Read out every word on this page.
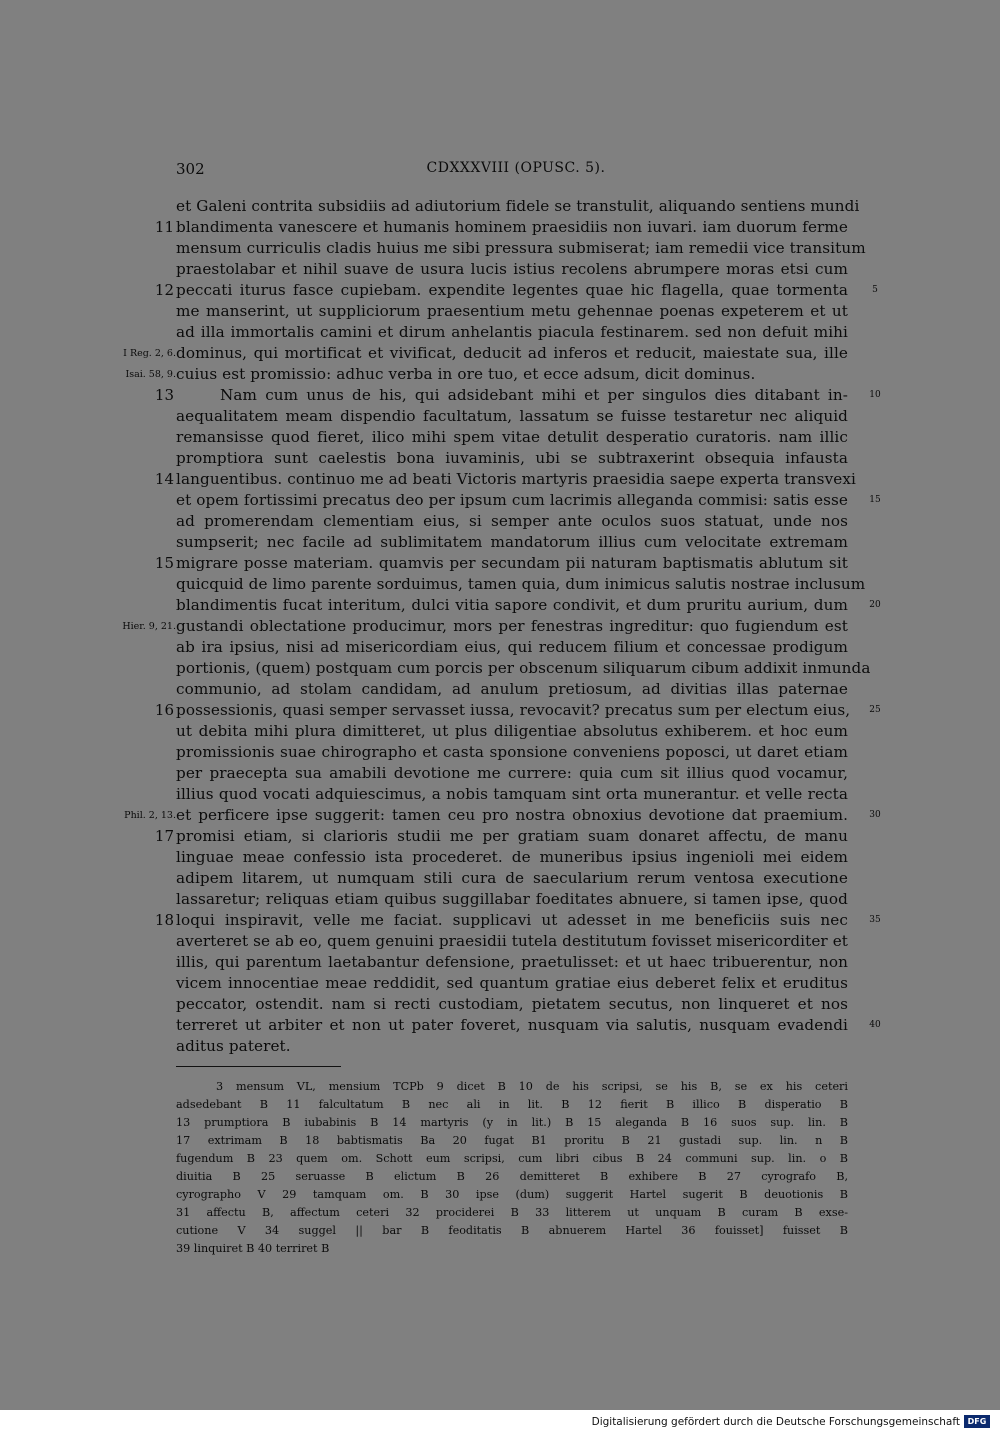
302	CDXXXVIII (OPUSC. 5).
et Galeni contrita subsidiis ad adiutorium fidele se transtulit, aliquando sentiens mundi
blandimenta vanescere et humanis hominem praesidiis non iuvari. iam duorum ferme
11
mensum curriculis cladis huius me sibi pressura submiserat; iam remedii vice transitum
praestolabar et nihil suave de usura lucis istius recolens abrumpere moras etsi cum
peccati iturus fasce cupiebam. expendite legentes quae hic flagella, quae tormenta
12	5
me manserint, ut suppliciorum praesentium metu gehennae poenas expeterem et ut
ad illa immortalis camini et dirum anhelantis piacula festinarem. sed non defuit mihi
dominus, qui mortificat et vivificat, deducit ad inferos et reducit, maiestate sua, ille
I Reg. 2, 6.
cuius est promissio: adhuc verba in ore tuo, et ecce adsum, dicit dominus.
Isai. 58, 9.
Nam cum unus de his, qui adsidebant mihi et per singulos dies ditabant in-
13	10
aequalitatem meam dispendio facultatum, lassatum se fuisse testaretur nec aliquid
remansisse quod fieret, ilico mihi spem vitae detulit desperatio curatoris. nam illic
promptiora sunt caelestis bona iuvaminis, ubi se subtraxerint obsequia infausta
languentibus. continuo me ad beati Victoris martyris praesidia saepe experta transvexi
14
et opem fortissimi precatus deo per ipsum cum lacrimis alleganda commisi: satis esse	15
ad promerendam clementiam eius, si semper ante oculos suos statuat, unde nos
sumpserit; nec facile ad sublimitatem mandatorum illius cum velocitate extremam
migrare posse materiam. quamvis per secundam pii naturam baptismatis ablutum sit
15
quicquid de limo parente sorduimus, tamen quia, dum inimicus salutis nostrae inclusum
blandimentis fucat interitum, dulci vitia sapore condivit, et dum pruritu aurium, dum	20
gustandi oblectatione producimur, mors per fenestras ingreditur: quo fugiendum est
Hier. 9, 21.
ab ira ipsius, nisi ad misericordiam eius, qui reducem filium et concessae prodigum
portionis, (quem) postquam cum porcis per obscenum siliquarum cibum addixit inmunda
communio, ad stolam candidam, ad anulum pretiosum, ad divitias illas paternae
possessionis, quasi semper servasset iussa, revocavit? precatus sum per electum eius,
16	25
ut debita mihi plura dimitteret, ut plus diligentiae absolutus exhiberem. et hoc eum
promissionis suae chirographo et casta sponsione conveniens poposci, ut daret etiam
per praecepta sua amabili devotione me currere: quia cum sit illius quod vocamur,
illius quod vocati adquiescimus, a nobis tamquam sint orta munerantur. et velle recta
et perficere ipse suggerit: tamen ceu pro nostra obnoxius devotione dat praemium.
Phil. 2, 13.	30
promisi etiam, si clarioris studii me per gratiam suam donaret affectu, de manu
17
linguae meae confessio ista procederet. de muneribus ipsius ingenioli mei eidem
adipem litarem, ut numquam stili cura de saecularium rerum ventosa executione
lassaretur; reliquas etiam quibus suggillabar foeditates abnuere, si tamen ipse, quod
loqui inspiravit, velle me faciat. supplicavi ut adesset in me beneficiis suis nec
18	35
averteret se ab eo, quem genuini praesidii tutela destitutum fovisset misericorditer et
illis, qui parentum laetabantur defensione, praetulisset: et ut haec tribuerentur, non
vicem innocentiae meae reddidit, sed quantum gratiae eius deberet felix et eruditus
peccator, ostendit. nam si recti custodiam, pietatem secutus, non linqueret et nos
terreret ut arbiter et non ut pater foveret, nusquam via salutis, nusquam evadendi	40
aditus pateret.
3 mensum VL, mensium TCPb 9 dicet B 10 de his scripsi, se his B, se ex his ceteri
adsedebant B 11 falcultatum B nec ali in lit. B 12 fierit B illico B disperatio B
13 prumptiora B iubabinis B 14 martyris (y in lit.) B 15 aleganda B 16 suos sup. lin. B
17 extrimam B 18 babtismatis Ba 20 fugat B1 proritu B 21 gustadi sup. lin. n B
fugendum B 23 quem om. Schott eum scripsi, cum libri cibus B 24 communi sup. lin. o B
diuitia B 25 seruasse B elictum B 26 demitteret B exhibere B 27 cyrografo B,
cyrographo V 29 tamquam om. B 30 ipse (dum) suggerit Hartel sugerit B deuotionis B
31 affectu B, affectum ceteri 32 prociderei B 33 litterem ut unquam B curam B exse-
cutione V 34 suggel || bar B feoditatis B abnuerem Hartel 36 fouisset] fuisset B
39 linquiret B 40 terriret B
Digitalisierung gefördert durch die Deutsche Forschungsgemeinschaft DFG
